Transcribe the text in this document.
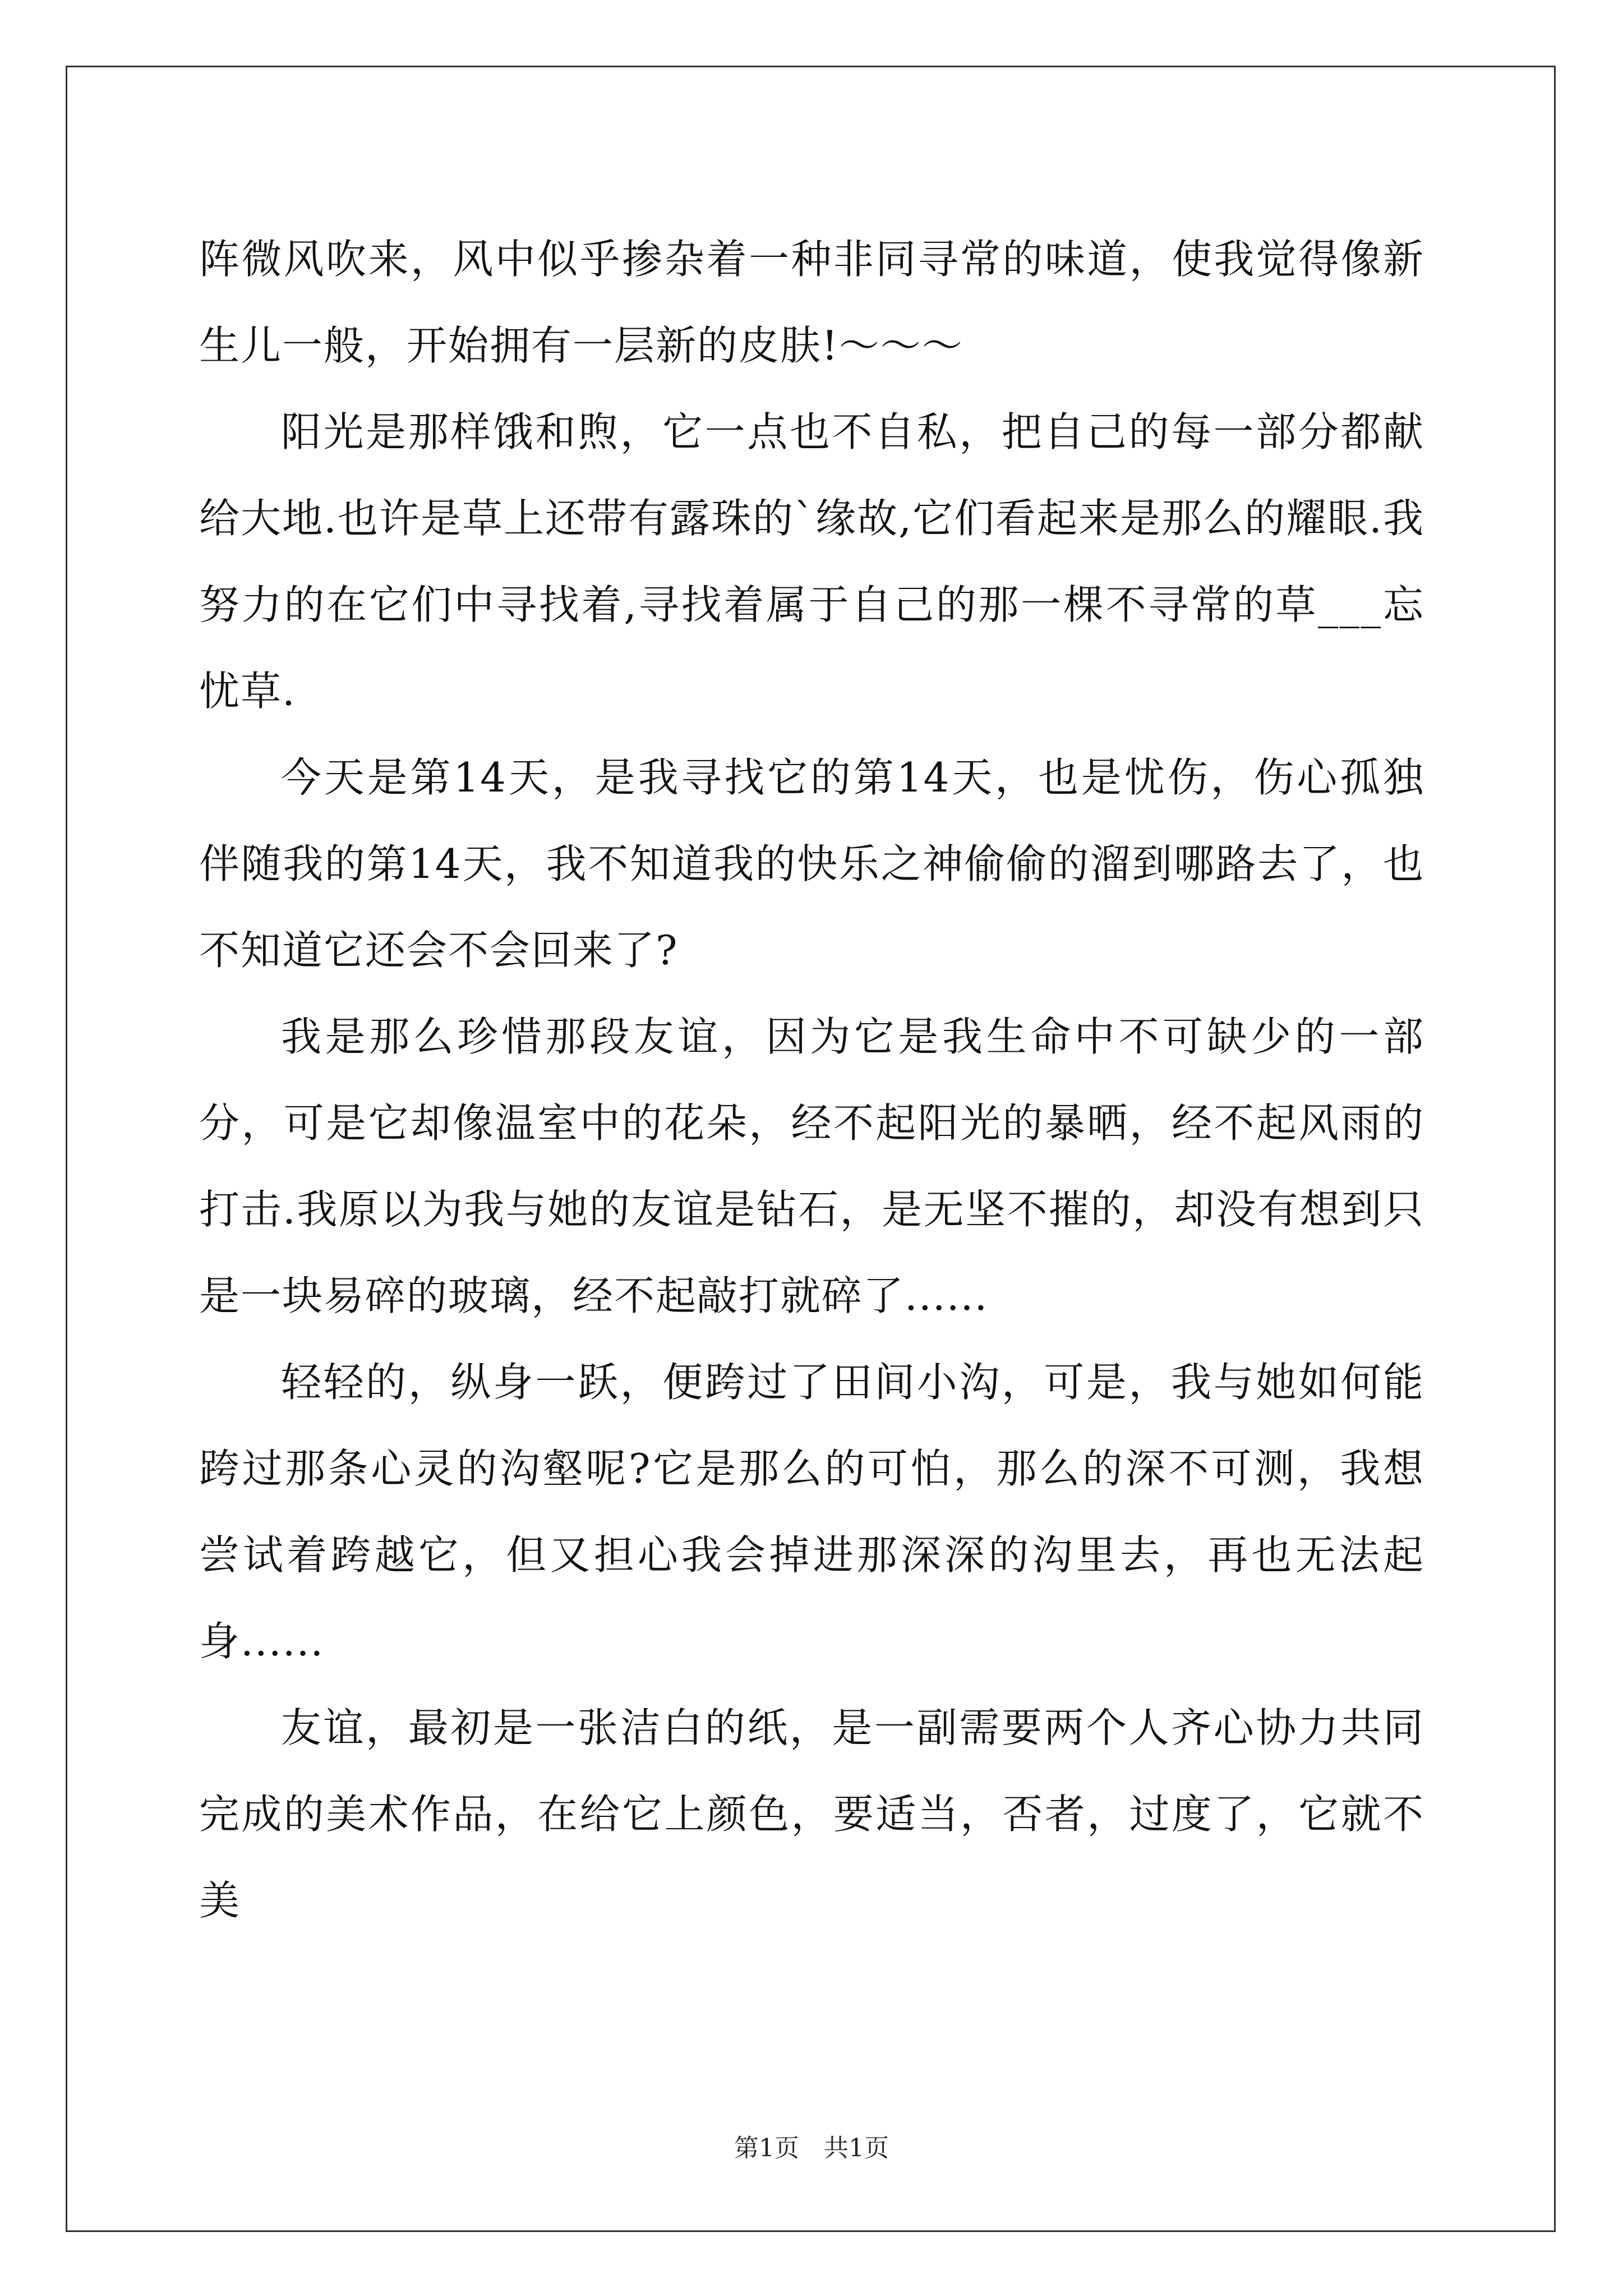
阵微风吹来，风中似乎掺杂着一种非同寻常的味道，使我觉得像新生儿一般，开始拥有一层新的皮肤!～～～

阳光是那样饿和煦，它一点也不自私，把自己的每一部分都献给大地.也许是草上还带有露珠的`缘故,它们看起来是那么的耀眼.我努力的在它们中寻找着,寻找着属于自己的那一棵不寻常的草___忘忧草.

今天是第14天，是我寻找它的第14天，也是忧伤，伤心孤独伴随我的第14天，我不知道我的快乐之神偷偷的溜到哪路去了，也不知道它还会不会回来了?

我是那么珍惜那段友谊，因为它是我生命中不可缺少的一部分，可是它却像温室中的花朵，经不起阳光的暴晒，经不起风雨的打击.我原以为我与她的友谊是钻石，是无坚不摧的，却没有想到只是一块易碎的玻璃，经不起敲打就碎了......

轻轻的，纵身一跃，便跨过了田间小沟，可是，我与她如何能跨过那条心灵的沟壑呢?它是那么的可怕，那么的深不可测，我想尝试着跨越它，但又担心我会掉进那深深的沟里去，再也无法起身......

友谊，最初是一张洁白的纸，是一副需要两个人齐心协力共同完成的美术作品，在给它上颜色，要适当，否者，过度了，它就不美

第1页 共1页
